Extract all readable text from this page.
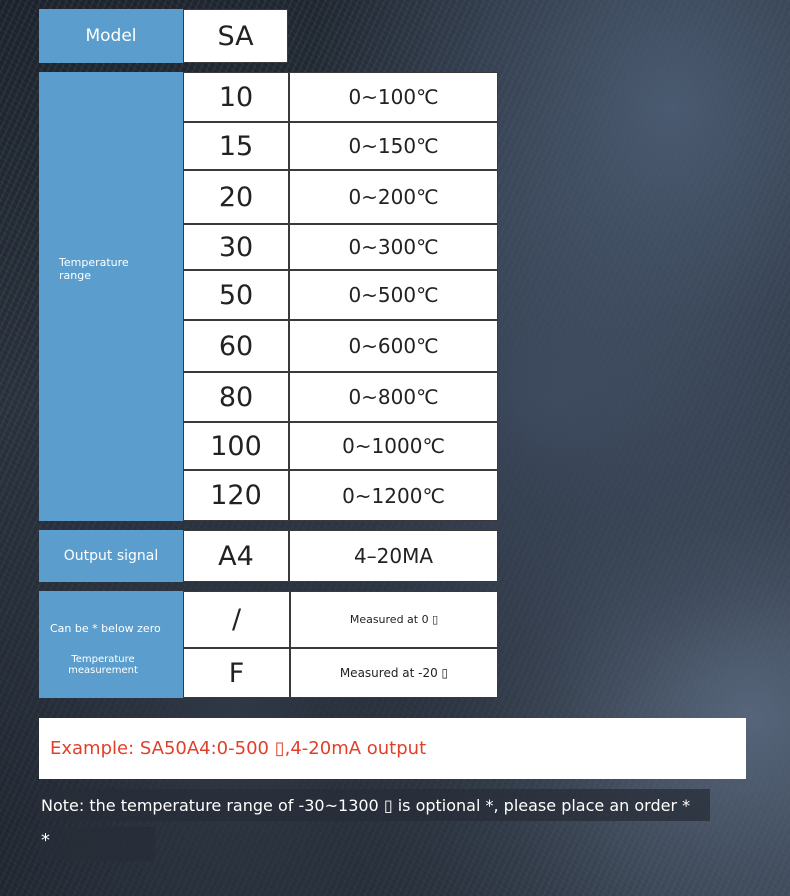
Model	SA
Temperature range
10	0~100℃
15	0~150℃
20	0~200℃
30	0~300℃
50	0~500℃
60	0~600℃
80	0~800℃
100	0~1000℃
120	0~1200℃
Output signal	A4	4–20MA
Can be * below zero
Temperature measurement
/	Measured at 0 ▯
F	Measured at -20 ▯
Example: SA50A4:0-500 ▯,4-20mA output
Note: the temperature range of -30~1300 ▯ is optional *, please place an order *
*
